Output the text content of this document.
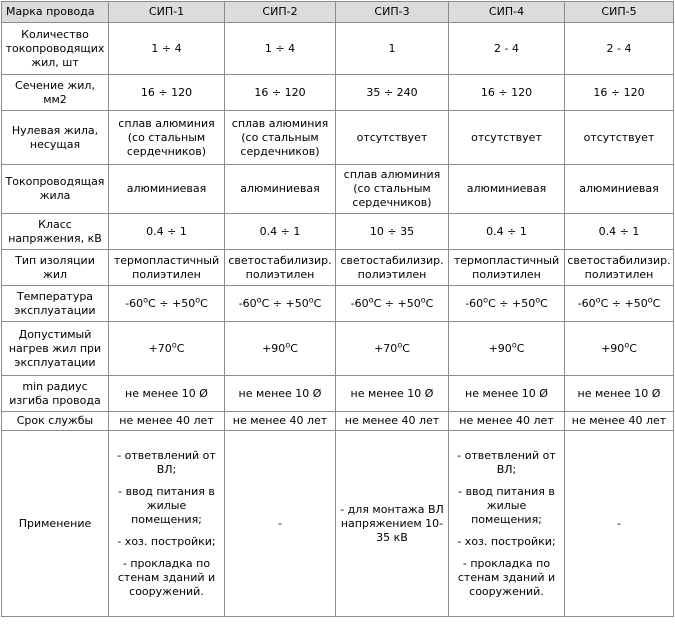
Марка провода	СИП-1	СИП-2	СИП-3	СИП-4	СИП-5
Количество
токопроводящих
жил, шт	1 ÷ 4	1 ÷ 4	1	2 - 4	2 - 4
Сечение жил,
мм2	16 ÷ 120	16 ÷ 120	35 ÷ 240	16 ÷ 120	16 ÷ 120
Нулевая жила,
несущая	сплав алюминия
(со стальным
сердечников)	сплав алюминия
(со стальным
сердечников)	отсутствует	отсутствует	отсутствует
Токопроводящая
жила	алюминиевая	алюминиевая	сплав алюминия
(со стальным
сердечников)	алюминиевая	алюминиевая
Класс
напряжения, кВ	0.4 ÷ 1	0.4 ÷ 1	10 ÷ 35	0.4 ÷ 1	0.4 ÷ 1
Тип изоляции
жил	термопластичный
полиэтилен	светостабилизир.
полиэтилен	светостабилизир.
полиэтилен	термопластичный
полиэтилен	светостабилизир.
полиэтилен
Температура
эксплуатации	$-60^оС \div +50^оС$	$-60^оС \div +50^оС$	$-60^оС \div +50^оС$	$-60^оС \div +50^оС$	$-60^оС \div +50^оС$
Допустимый
нагрев жил при
эксплуатации	$+70^оС$	$+90^оС$	$+70^оС$	$+90^оС$	$+90^оС$
min радиус
изгиба провода	не менее 10 Ø	не менее 10 Ø	не менее 10 Ø	не менее 10 Ø	не менее 10 Ø
Срок службы	не менее 40 лет	не менее 40 лет	не менее 40 лет	не менее 40 лет	не менее 40 лет
Применение	- ответвлений от ВЛ;
- ввод питания в жилые помещения;
- хоз. постройки;
- прокладка по стенам зданий и сооружений.	-	- для монтажа ВЛ напряжением 10-35 кВ	- ответвлений от ВЛ;
- ввод питания в жилые помещения;
- хоз. постройки;
- прокладка по стенам зданий и сооружений.	-
